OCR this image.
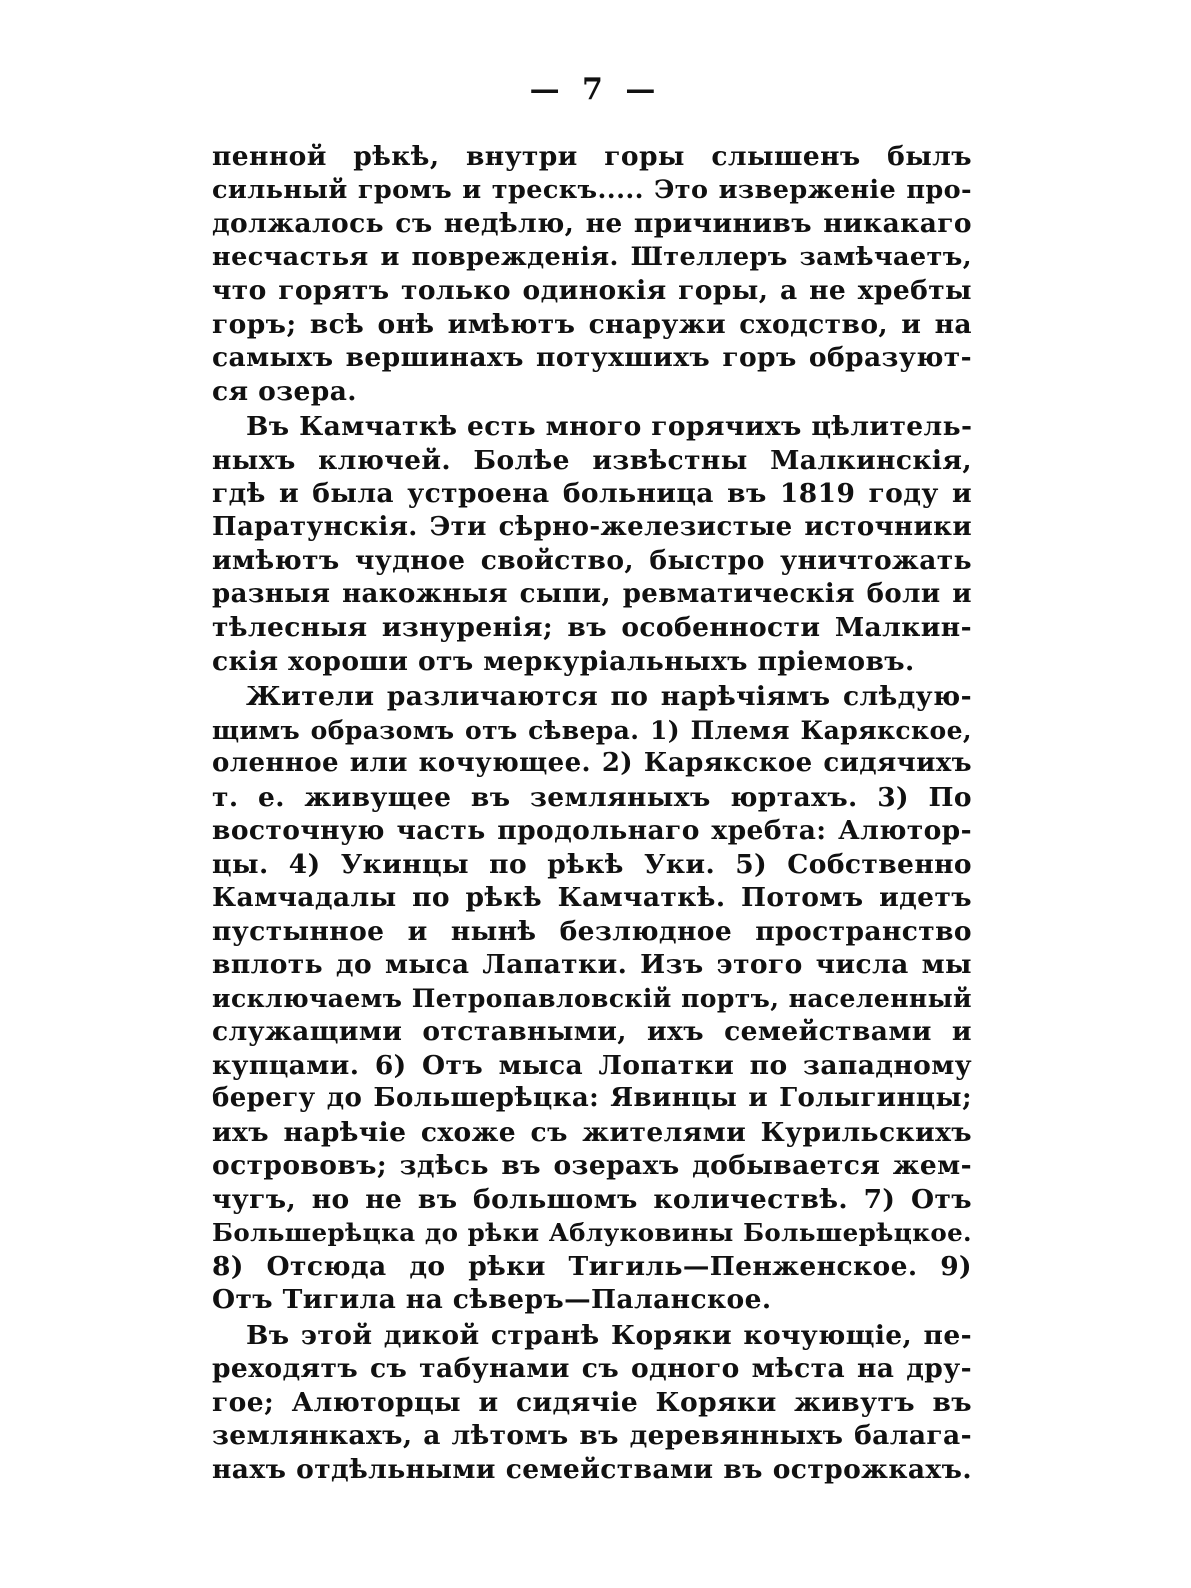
— 7 —
пенной рѣкѣ, внутри горы слышенъ былъ
сильный громъ и трескъ..... Это изверженіе про-
должалось съ недѣлю, не причинивъ никакаго
несчастья и поврежденія. Штеллеръ замѣчаетъ,
что горятъ только одинокія горы, а не хребты
горъ; всѣ онѣ имѣютъ снаружи сходство, и на
самыхъ вершинахъ потухшихъ горъ образуют-
ся озера.
Въ Камчаткѣ есть много горячихъ цѣлитель-
ныхъ ключей. Болѣе извѣстны Малкинскія,
гдѣ и была устроена больница въ 1819 году и
Паратунскія. Эти сѣрно-железистые источники
имѣютъ чудное свойство, быстро уничтожать
разныя накожныя сыпи, ревматическія боли и
тѣлесныя изнуренія; въ особенности Малкин-
скія хороши отъ меркуріальныхъ пріемовъ.
Жители различаются по нарѣчіямъ слѣдую-
щимъ образомъ отъ сѣвера. 1) Племя Карякское,
оленное или кочующее. 2) Карякское сидячихъ
т. е. живущее въ земляныхъ юртахъ. 3) По
восточную часть продольнаго хребта: Алютор-
цы. 4) Укинцы по рѣкѣ Уки. 5) Собственно
Камчадалы по рѣкѣ Камчаткѣ. Потомъ идетъ
пустынное и нынѣ безлюдное пространство
вплоть до мыса Лапатки. Изъ этого числа мы
исключаемъ Петропавловскій портъ, населенный
служащими отставными, ихъ семействами и
купцами. 6) Отъ мыса Лопатки по западному
берегу до Большерѣцка: Явинцы и Голыгинцы;
ихъ нарѣчіе схоже съ жителями Курильскихъ
острововъ; здѣсь въ озерахъ добывается жем-
чугъ, но не въ большомъ количествѣ. 7) Отъ
Большерѣцка до рѣки Аблуковины Большерѣцкое.
8) Отсюда до рѣки Тигиль—Пенженское. 9)
Отъ Тигила на сѣверъ—Паланское.
Въ этой дикой странѣ Коряки кочующіе, пе-
реходятъ съ табунами съ одного мѣста на дру-
гое; Алюторцы и сидячіе Коряки живутъ въ
землянкахъ, а лѣтомъ въ деревянныхъ балага-
нахъ отдѣльными семействами въ острожкахъ.
